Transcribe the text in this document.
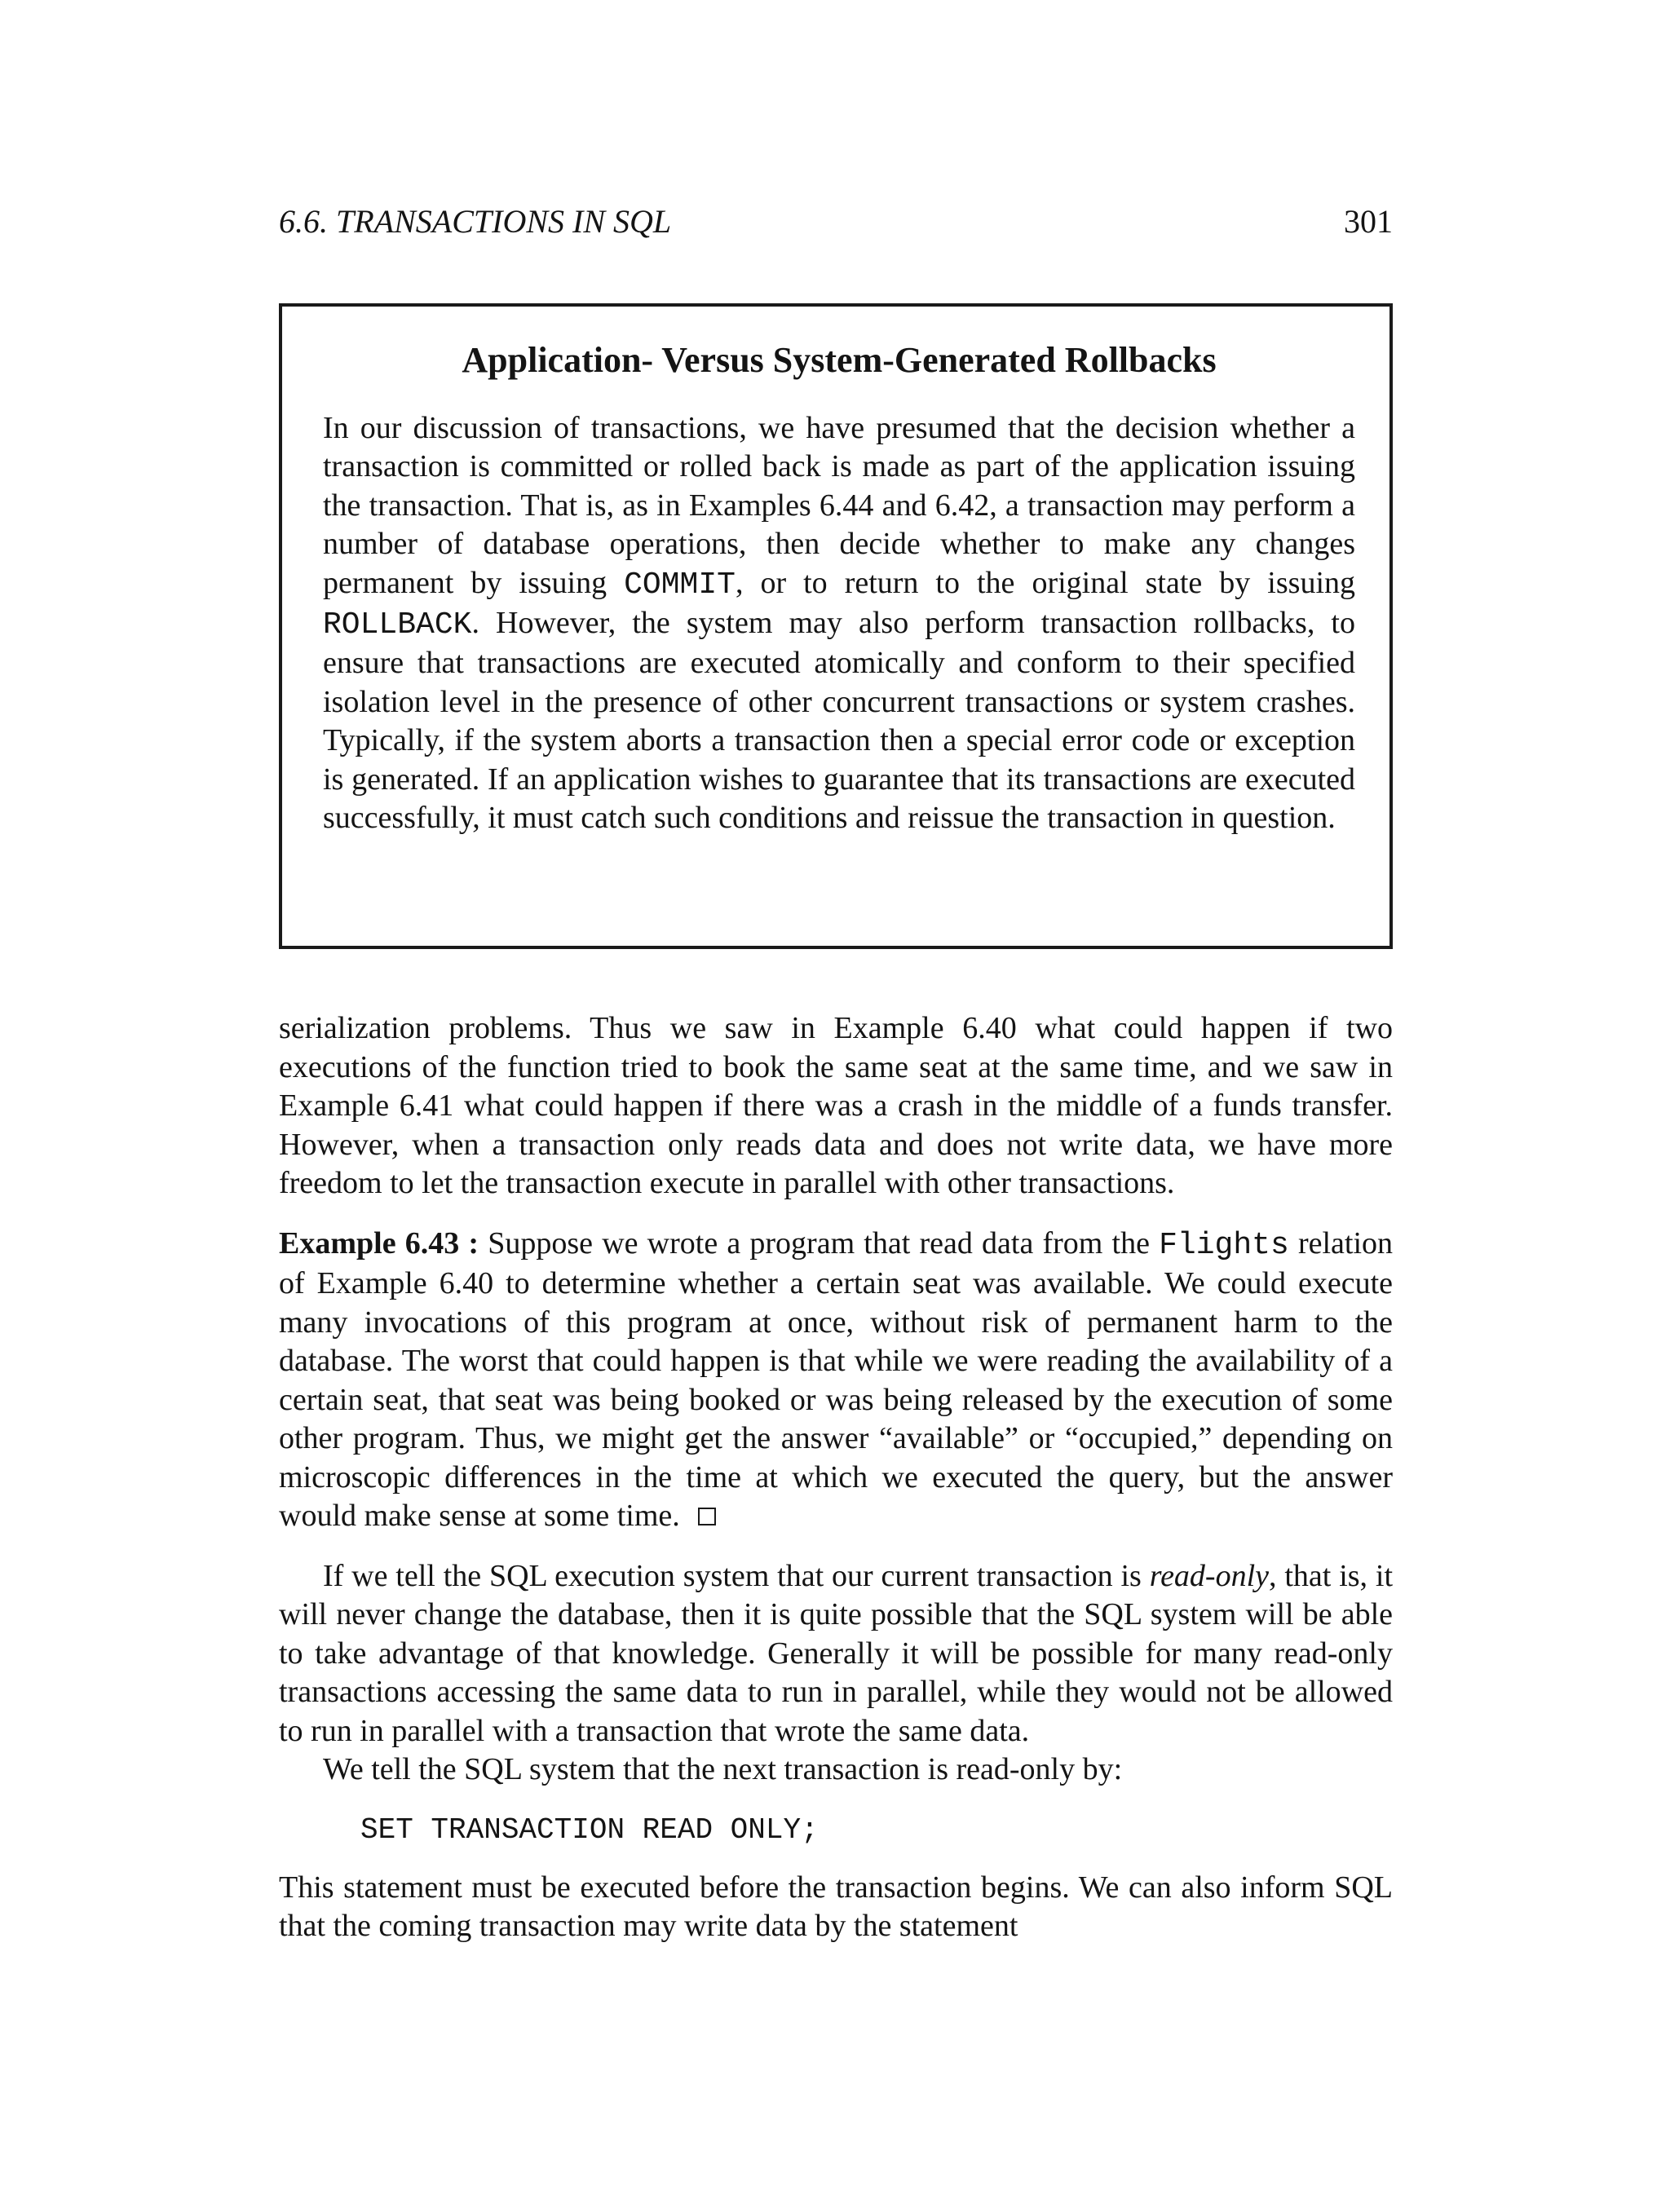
6.6. TRANSACTIONS IN SQL	301
Application- Versus System-Generated Rollbacks

In our discussion of transactions, we have presumed that the decision whether a transaction is committed or rolled back is made as part of the application issuing the transaction. That is, as in Examples 6.44 and 6.42, a transaction may perform a number of database operations, then decide whether to make any changes permanent by issuing COMMIT, or to return to the original state by issuing ROLLBACK. However, the system may also perform transaction rollbacks, to ensure that transactions are executed atomically and conform to their specified isolation level in the presence of other concurrent transactions or system crashes. Typically, if the system aborts a transaction then a special error code or exception is generated. If an application wishes to guarantee that its transactions are executed successfully, it must catch such conditions and reissue the transaction in question.

serialization problems. Thus we saw in Example 6.40 what could happen if two executions of the function tried to book the same seat at the same time, and we saw in Example 6.41 what could happen if there was a crash in the middle of a funds transfer. However, when a transaction only reads data and does not write data, we have more freedom to let the transaction execute in parallel with other transactions.

Example 6.43 : Suppose we wrote a program that read data from the Flights relation of Example 6.40 to determine whether a certain seat was available. We could execute many invocations of this program at once, without risk of permanent harm to the database. The worst that could happen is that while we were reading the availability of a certain seat, that seat was being booked or was being released by the execution of some other program. Thus, we might get the answer “available” or “occupied,” depending on microscopic differences in the time at which we executed the query, but the answer would make sense at some time.

If we tell the SQL execution system that our current transaction is read-only, that is, it will never change the database, then it is quite possible that the SQL system will be able to take advantage of that knowledge. Generally it will be possible for many read-only transactions accessing the same data to run in parallel, while they would not be allowed to run in parallel with a transaction that wrote the same data.

We tell the SQL system that the next transaction is read-only by:

SET TRANSACTION READ ONLY;

This statement must be executed before the transaction begins. We can also inform SQL that the coming transaction may write data by the statement
